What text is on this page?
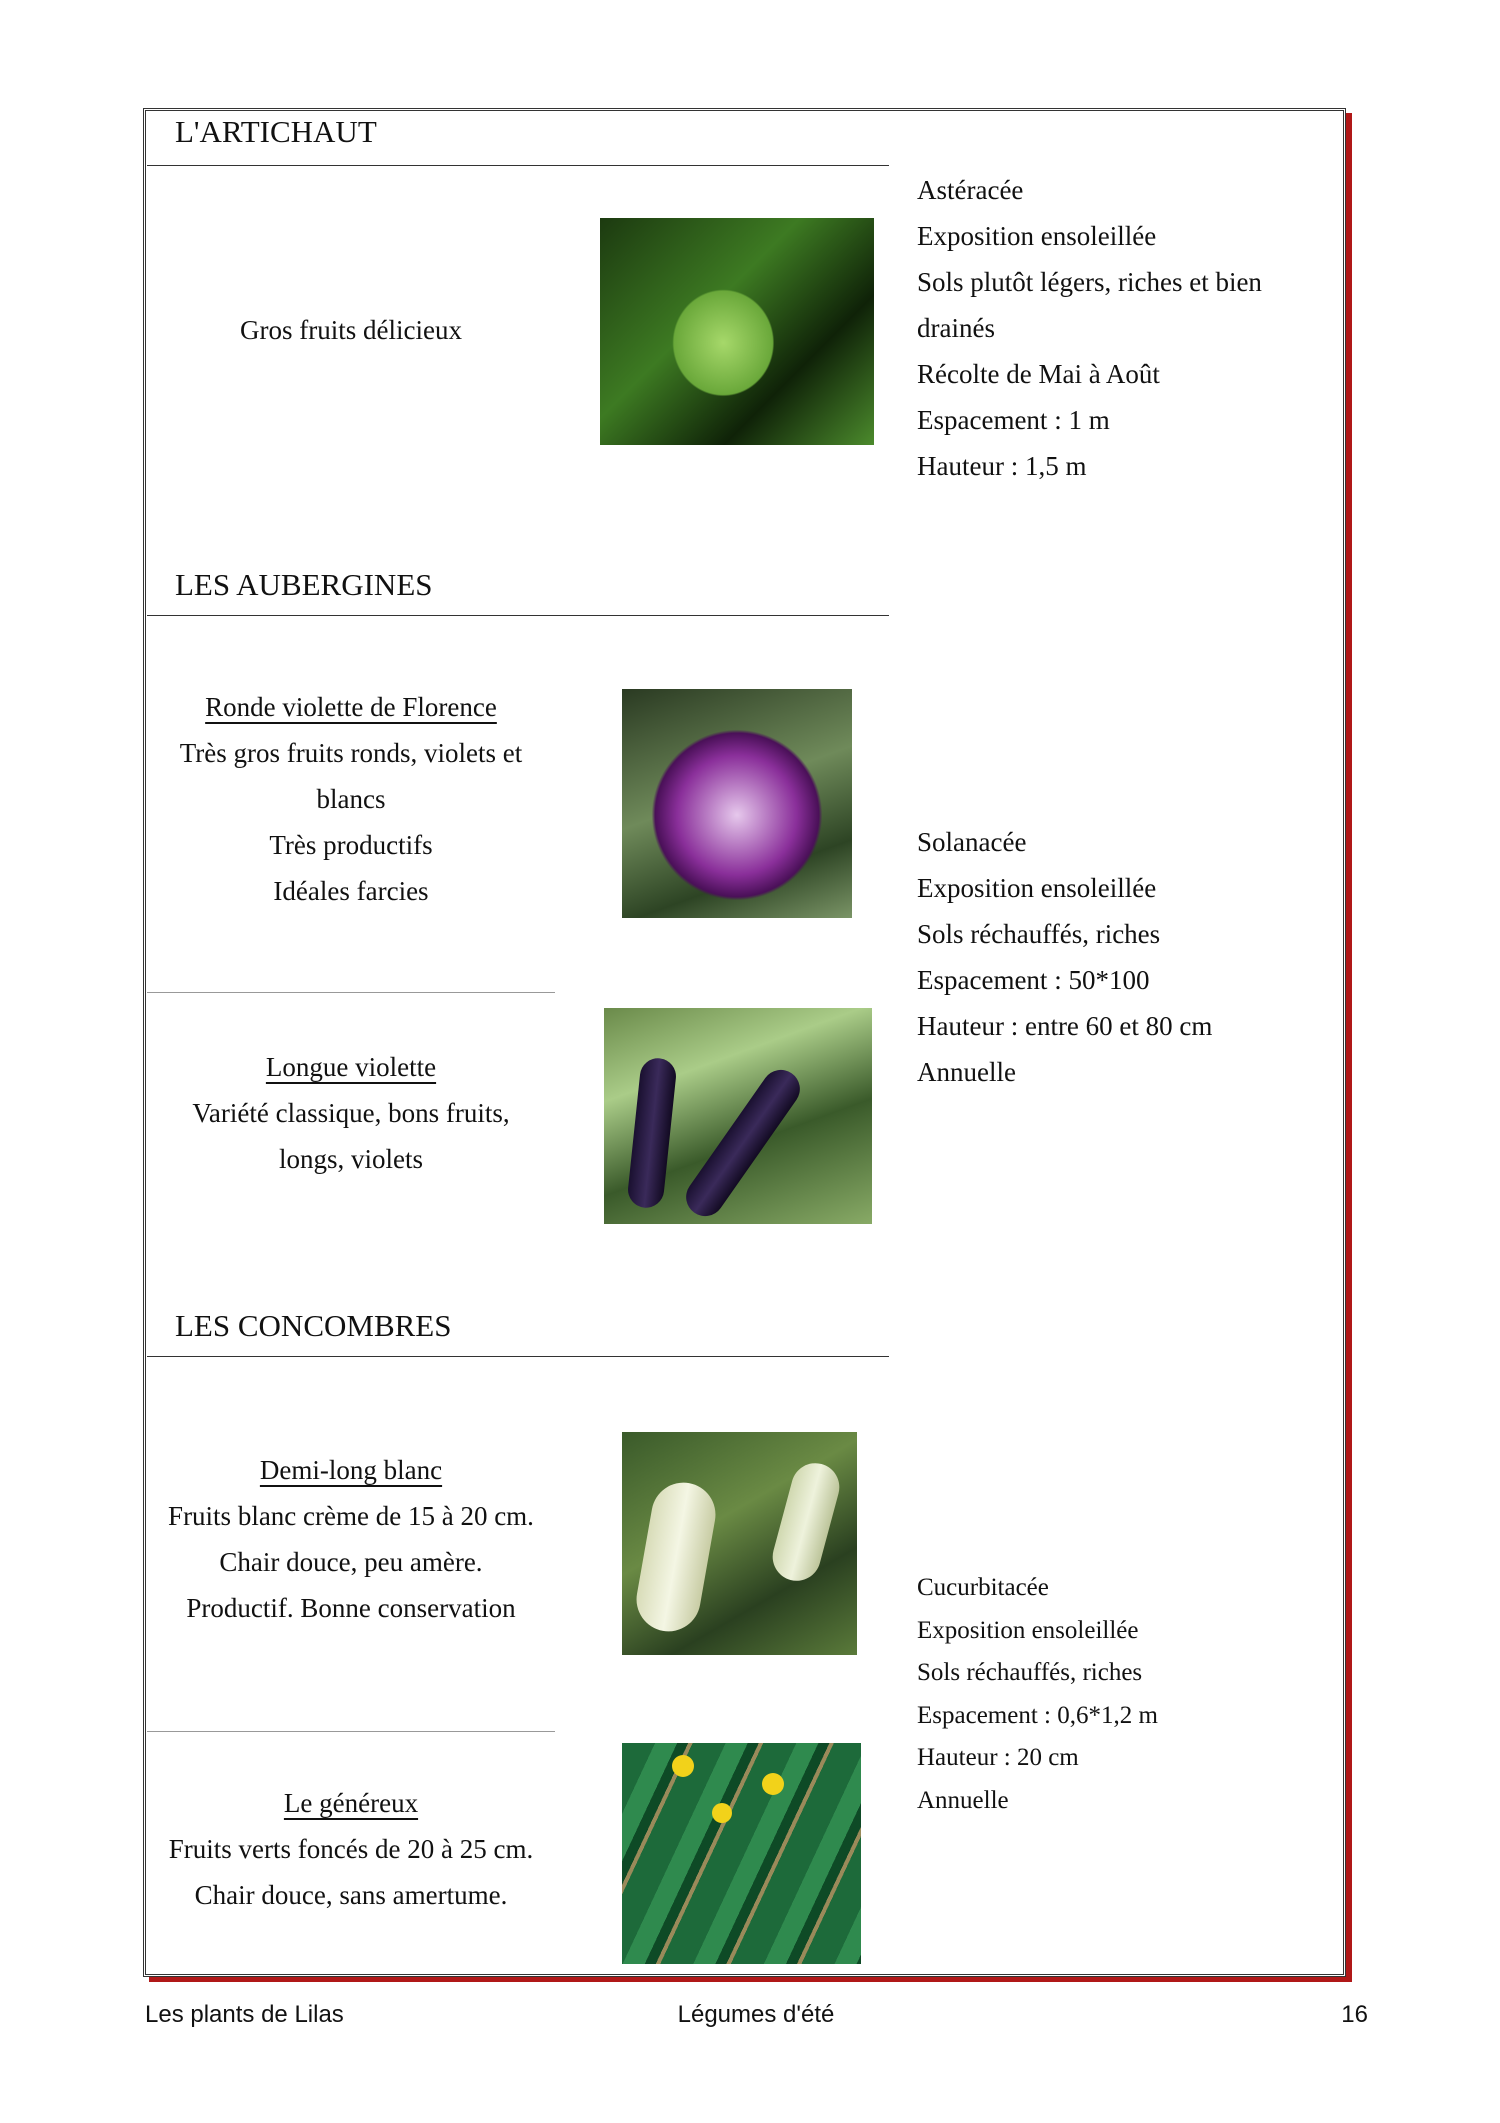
L'ARTICHAUT
Gros fruits délicieux
Astéracée
Exposition ensoleillée
Sols plutôt légers, riches et bien
drainés
Récolte de Mai à Août
Espacement : 1 m
Hauteur : 1,5 m
LES AUBERGINES
Ronde violette de Florence
Très gros fruits ronds, violets et
blancs
Très productifs
Idéales farcies
Longue violette
Variété classique, bons fruits,
longs, violets
Solanacée
Exposition ensoleillée
Sols réchauffés, riches
Espacement : 50*100
Hauteur : entre 60 et 80 cm
Annuelle
LES CONCOMBRES
Demi-long blanc
Fruits blanc crème de 15 à 20 cm.
Chair douce, peu amère.
Productif. Bonne conservation
Le généreux
Fruits verts foncés de 20 à 25 cm.
Chair douce, sans amertume.
Cucurbitacée
Exposition ensoleillée
Sols réchauffés, riches
Espacement : 0,6*1,2 m
Hauteur : 20 cm
Annuelle
Les plants de Lilas	Légumes d'été	16
